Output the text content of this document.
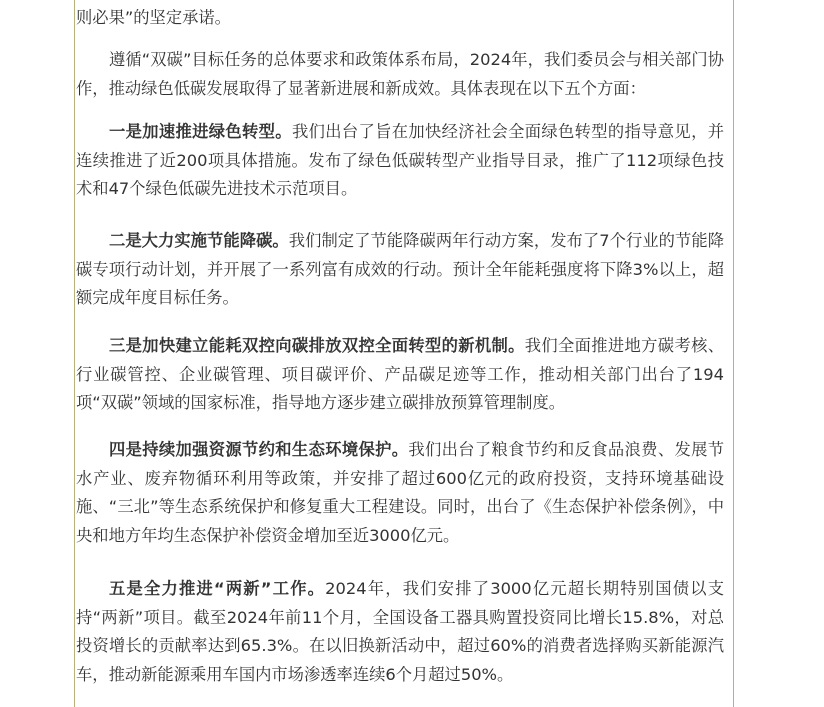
则必果”的坚定承诺。

遵循“双碳”目标任务的总体要求和政策体系布局，2024年，我们委员会与相关部门协作，推动绿色低碳发展取得了显著新进展和新成效。具体表现在以下五个方面：

一是加速推进绿色转型。我们出台了旨在加快经济社会全面绿色转型的指导意见，并连续推进了近200项具体措施。发布了绿色低碳转型产业指导目录，推广了112项绿色技术和47个绿色低碳先进技术示范项目。

二是大力实施节能降碳。我们制定了节能降碳两年行动方案，发布了7个行业的节能降碳专项行动计划，并开展了一系列富有成效的行动。预计全年能耗强度将下降3%以上，超额完成年度目标任务。

三是加快建立能耗双控向碳排放双控全面转型的新机制。我们全面推进地方碳考核、行业碳管控、企业碳管理、项目碳评价、产品碳足迹等工作，推动相关部门出台了194项“双碳”领域的国家标准，指导地方逐步建立碳排放预算管理制度。

四是持续加强资源节约和生态环境保护。我们出台了粮食节约和反食品浪费、发展节水产业、废弃物循环利用等政策，并安排了超过600亿元的政府投资，支持环境基础设施、“三北”等生态系统保护和修复重大工程建设。同时，出台了《生态保护补偿条例》，中央和地方年均生态保护补偿资金增加至近3000亿元。

五是全力推进“两新”工作。2024年，我们安排了3000亿元超长期特别国债以支持“两新”项目。截至2024年前11个月，全国设备工器具购置投资同比增长15.8%，对总投资增长的贡献率达到65.3%。在以旧换新活动中，超过60%的消费者选择购买新能源汽车，推动新能源乘用车国内市场渗透率连续6个月超过50%。
